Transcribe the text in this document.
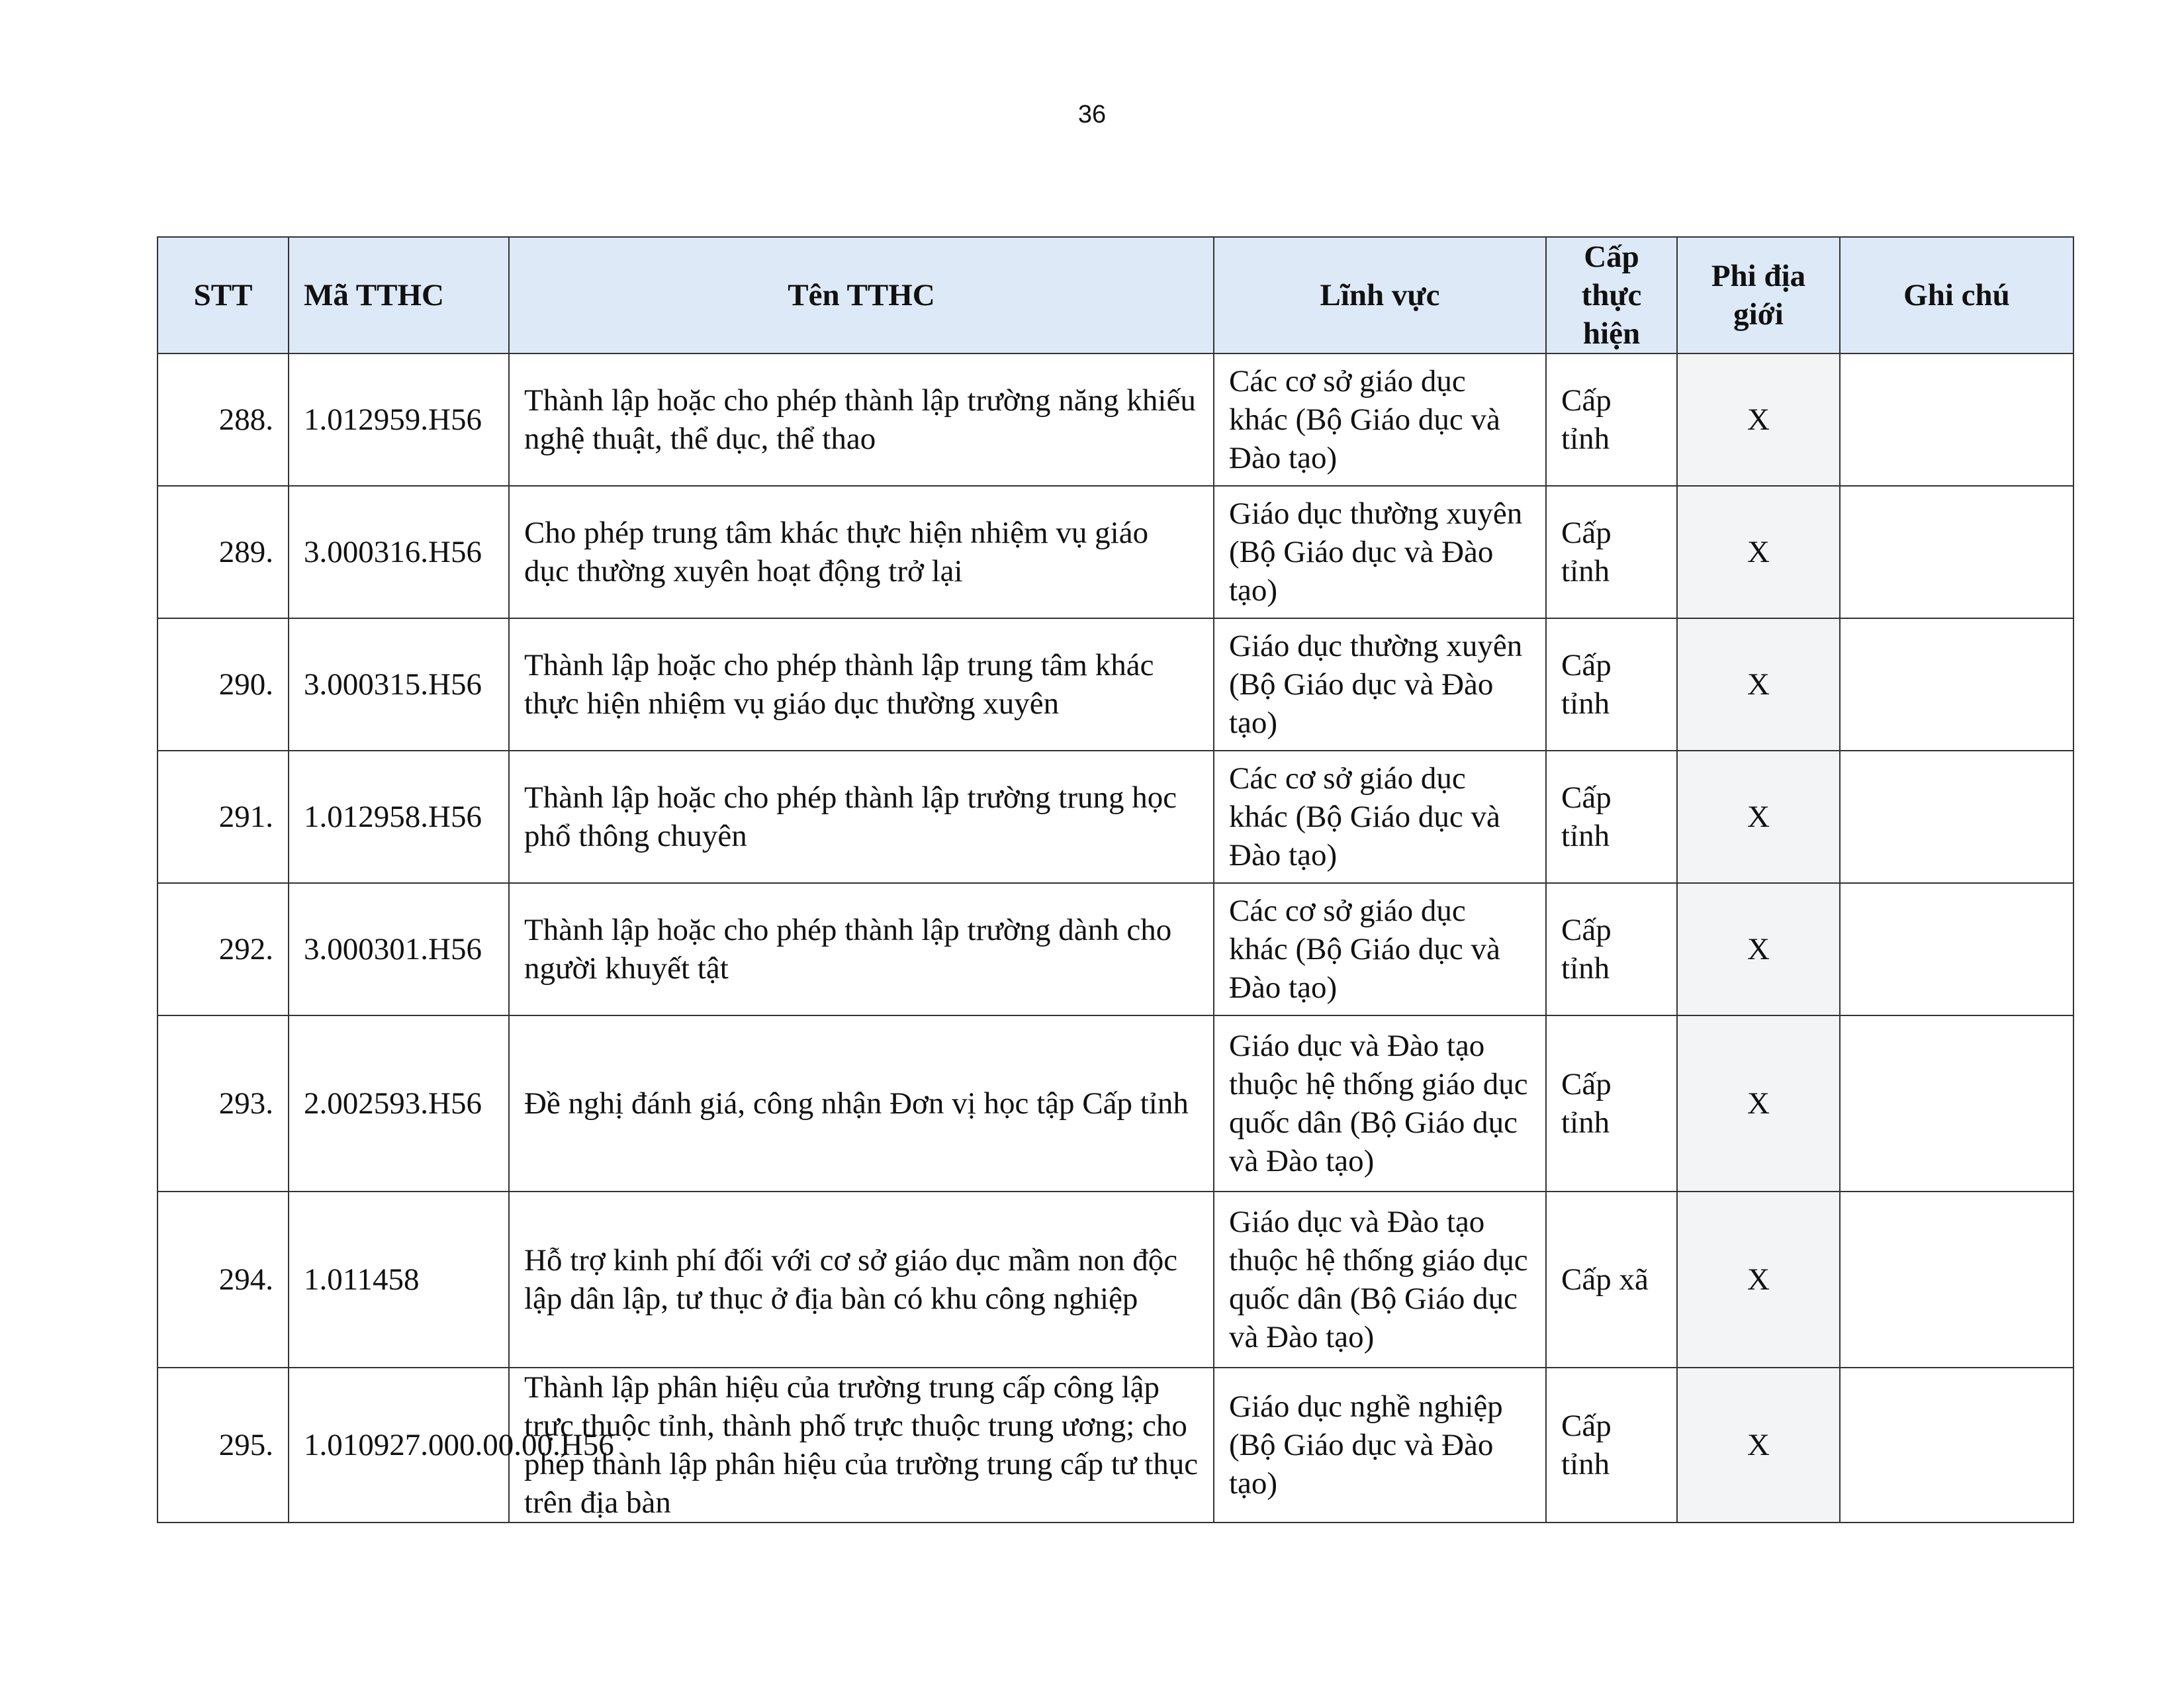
36
STT	Mã TTHC	Tên TTHC	Lĩnh vực	Cấp thực hiện	Phi địa giới	Ghi chú
288.	1.012959.H56	Thành lập hoặc cho phép thành lập trường năng khiếu nghệ thuật, thể dục, thể thao	Các cơ sở giáo dục khác (Bộ Giáo dục và Đào tạo)	Cấp tỉnh	X	
289.	3.000316.H56	Cho phép trung tâm khác thực hiện nhiệm vụ giáo dục thường xuyên hoạt động trở lại	Giáo dục thường xuyên (Bộ Giáo dục và Đào tạo)	Cấp tỉnh	X	
290.	3.000315.H56	Thành lập hoặc cho phép thành lập trung tâm khác thực hiện nhiệm vụ giáo dục thường xuyên	Giáo dục thường xuyên (Bộ Giáo dục và Đào tạo)	Cấp tỉnh	X	
291.	1.012958.H56	Thành lập hoặc cho phép thành lập trường trung học phổ thông chuyên	Các cơ sở giáo dục khác (Bộ Giáo dục và Đào tạo)	Cấp tỉnh	X	
292.	3.000301.H56	Thành lập hoặc cho phép thành lập trường dành cho người khuyết tật	Các cơ sở giáo dục khác (Bộ Giáo dục và Đào tạo)	Cấp tỉnh	X	
293.	2.002593.H56	Đề nghị đánh giá, công nhận Đơn vị học tập Cấp tỉnh	Giáo dục và Đào tạo thuộc hệ thống giáo dục quốc dân (Bộ Giáo dục và Đào tạo)	Cấp tỉnh	X	
294.	1.011458	Hỗ trợ kinh phí đối với cơ sở giáo dục mầm non độc lập dân lập, tư thục ở địa bàn có khu công nghiệp	Giáo dục và Đào tạo thuộc hệ thống giáo dục quốc dân (Bộ Giáo dục và Đào tạo)	Cấp xã	X	
295.	1.010927.000.00.00.H56	Thành lập phân hiệu của trường trung cấp công lập trực thuộc tỉnh, thành phố trực thuộc trung ương; cho phép thành lập phân hiệu của trường trung cấp tư thục trên địa bàn	Giáo dục nghề nghiệp (Bộ Giáo dục và Đào tạo)	Cấp tỉnh	X	
